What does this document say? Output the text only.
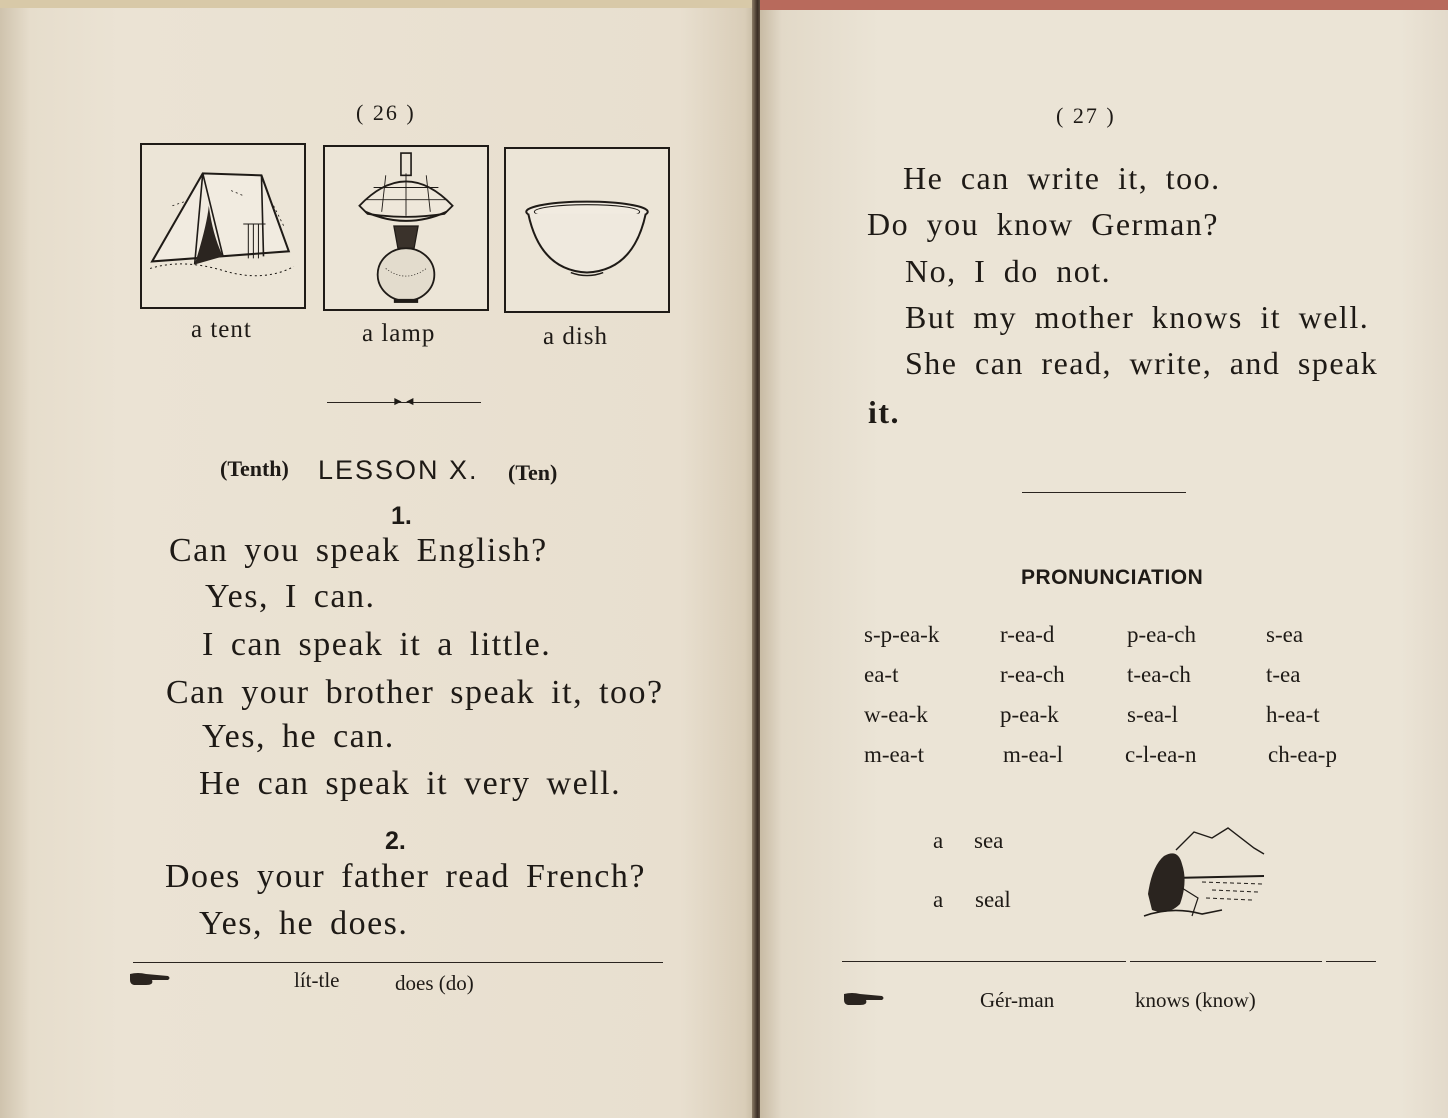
( 26 )
a tent	a lamp	a dish
►◄
(Tenth) LESSON X. (Ten)
1.
Can you speak English?
Yes, I can.
I can speak it a little.
Can your brother speak it, too?
Yes, he can.
He can speak it very well.
2.
Does your father read French?
Yes, he does.
lít-tle	does (do)
( 27 )
He can write it, too.
Do you know German?
No, I do not.
But my mother knows it well.
She can read, write, and speak
it.
PRONUNCIATION
s-p-ea-k	r-ea-d	p-ea-ch	s-ea
ea-t	r-ea-ch	t-ea-ch	t-ea
w-ea-k	p-ea-k	s-ea-l	h-ea-t
m-ea-t	m-ea-l	c-l-ea-n	ch-ea-p
a sea
a seal
Gér-man	knows (know)
